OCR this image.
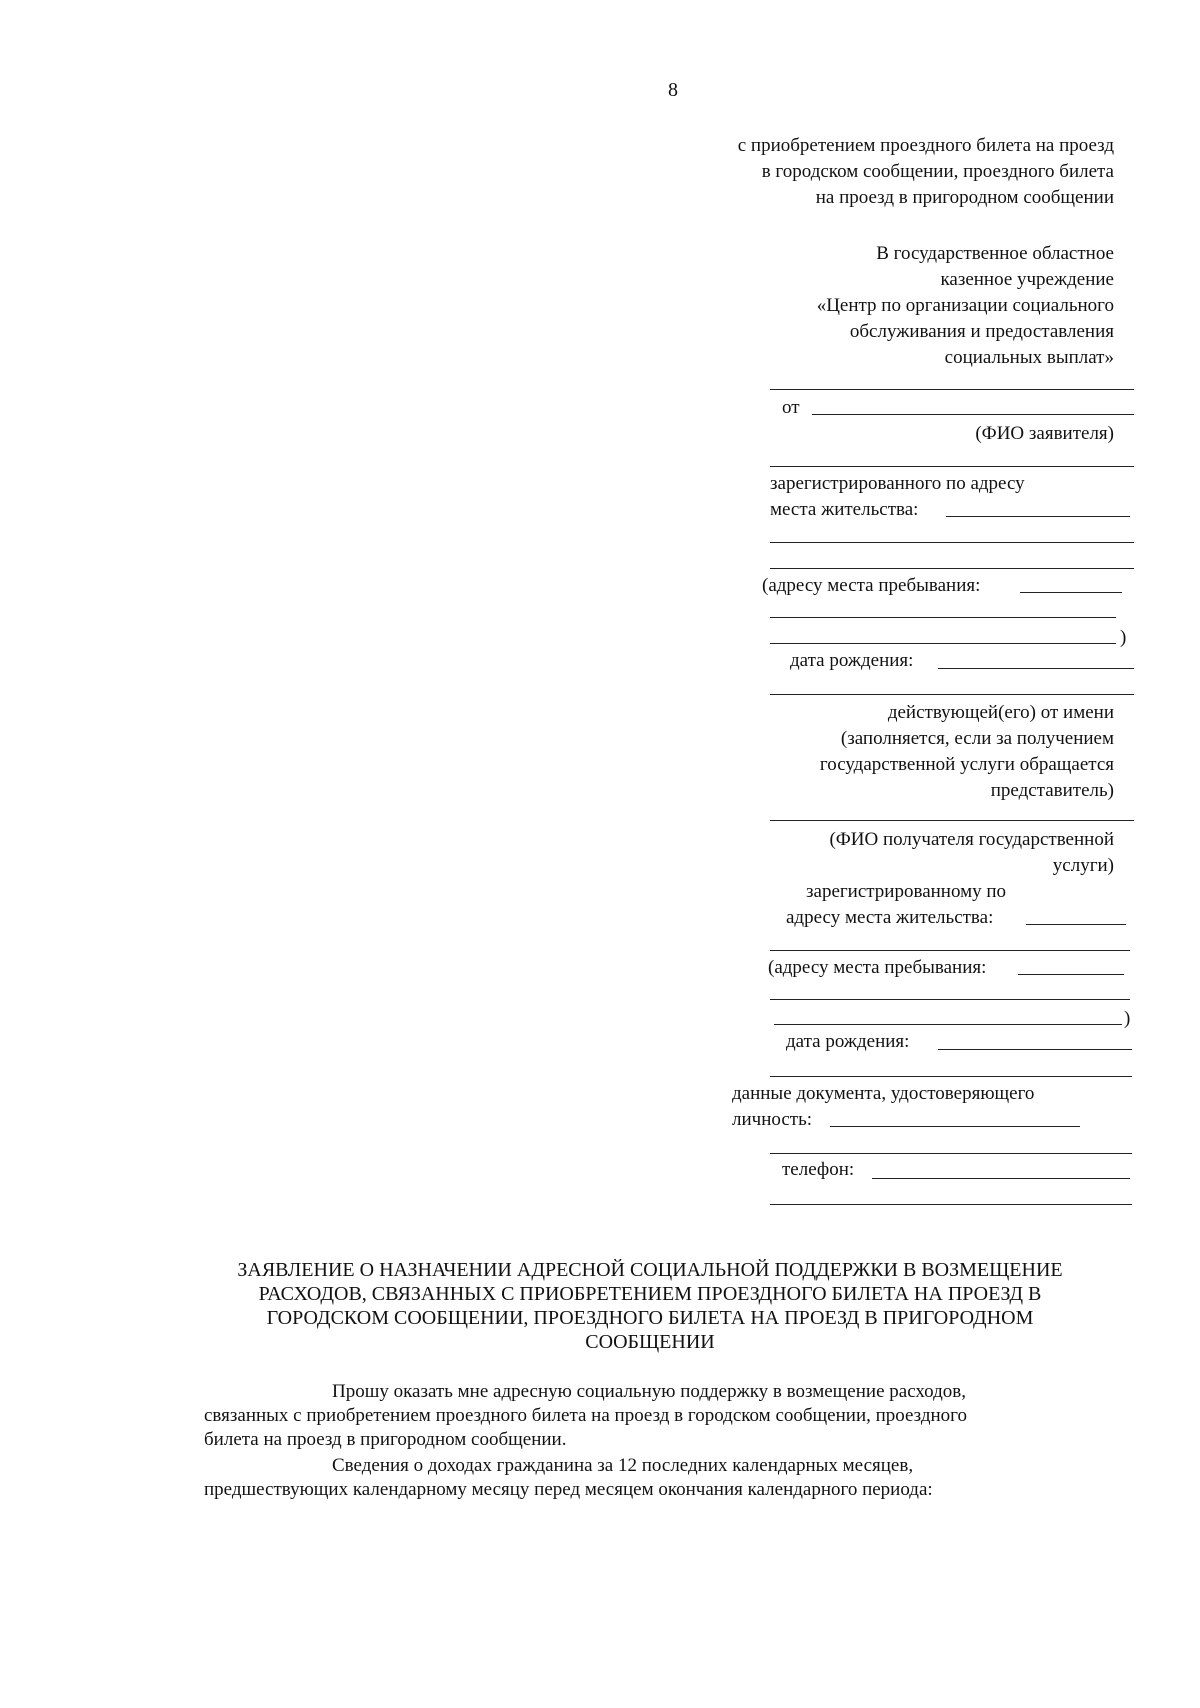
8
с приобретением проездного билета на проезд
в городском сообщении, проездного билета
на проезд в пригородном сообщении
В государственное областное
казенное учреждение
«Центр по организации социального
обслуживания и предоставления
социальных выплат»
от
(ФИО заявителя)
зарегистрированного по адресу
места жительства:
(адресу места пребывания:
)
дата рождения:
действующей(его) от имени
(заполняется, если за получением
государственной услуги обращается
представитель)
(ФИО получателя государственной
услуги)
зарегистрированному по
адресу места жительства:
(адресу места пребывания:
)
дата рождения:
данные документа, удостоверяющего
личность:
телефон:
ЗАЯВЛЕНИЕ О НАЗНАЧЕНИИ АДРЕСНОЙ СОЦИАЛЬНОЙ ПОДДЕРЖКИ В ВОЗМЕЩЕНИЕ
РАСХОДОВ, СВЯЗАННЫХ С ПРИОБРЕТЕНИЕМ ПРОЕЗДНОГО БИЛЕТА НА ПРОЕЗД В
ГОРОДСКОМ СООБЩЕНИИ, ПРОЕЗДНОГО БИЛЕТА НА ПРОЕЗД В ПРИГОРОДНОМ
СООБЩЕНИИ
Прошу оказать мне адресную социальную поддержку в возмещение расходов,
связанных с приобретением проездного билета на проезд в городском сообщении, проездного
билета на проезд в пригородном сообщении.
Сведения о доходах гражданина за 12 последних календарных месяцев,
предшествующих календарному месяцу перед месяцем окончания календарного периода:
